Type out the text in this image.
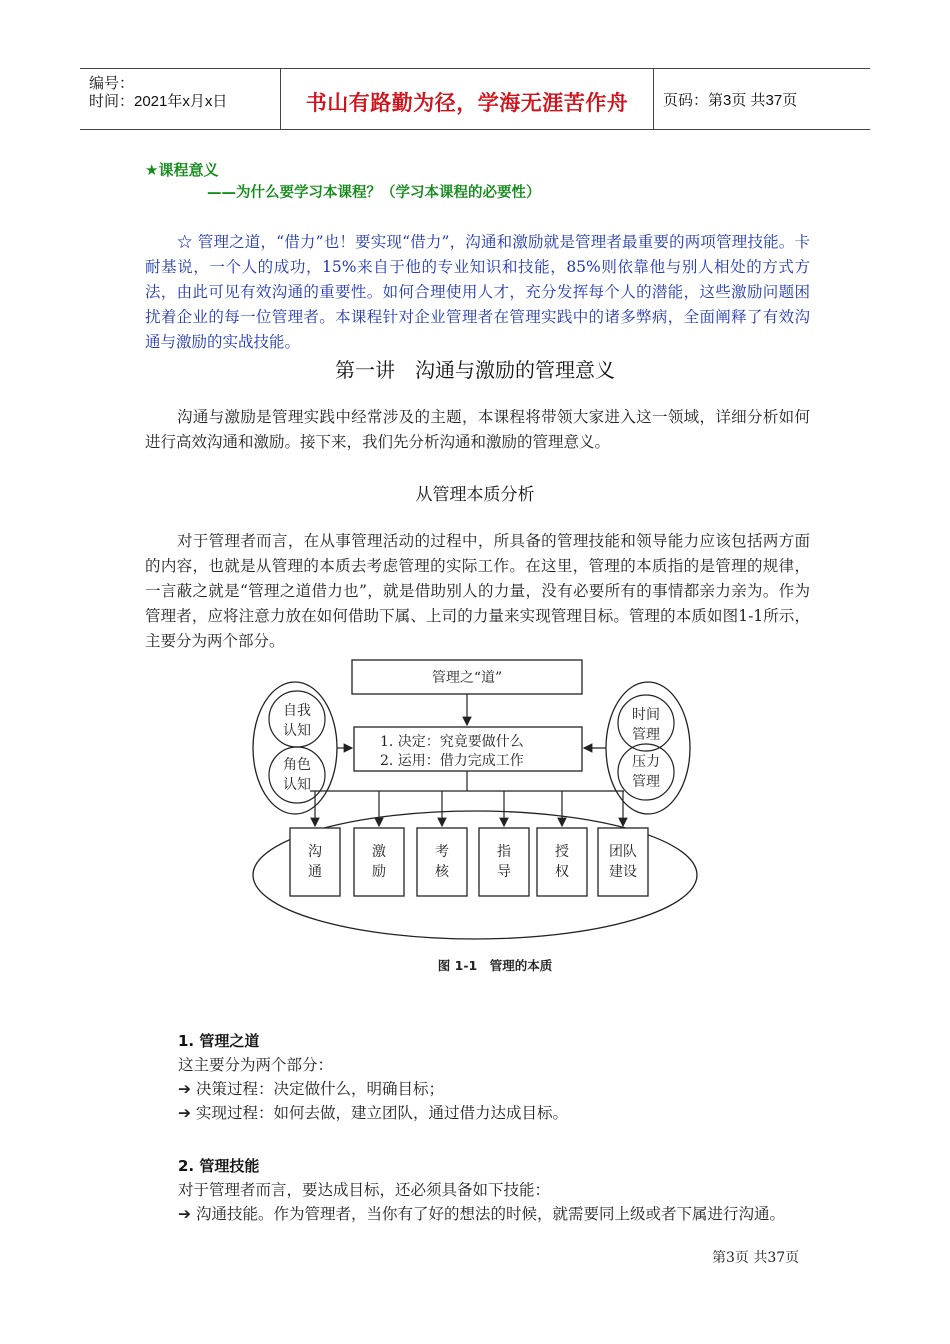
编号：
时间：2021年x月x日	书山有路勤为径，学海无涯苦作舟	页码：第3页 共37页
★课程意义
——为什么要学习本课程？（学习本课程的必要性）

☆ 管理之道，“借力”也！要实现“借力”，沟通和激励就是管理者最重要的两项管理技能。卡耐基说，一个人的成功，15%来自于他的专业知识和技能，85%则依靠他与别人相处的方式方法，由此可见有效沟通的重要性。如何合理使用人才，充分发挥每个人的潜能，这些激励问题困扰着企业的每一位管理者。本课程针对企业管理者在管理实践中的诸多弊病，全面阐释了有效沟通与激励的实战技能。

第一讲　沟通与激励的管理意义

沟通与激励是管理实践中经常涉及的主题，本课程将带领大家进入这一领域，详细分析如何进行高效沟通和激励。接下来，我们先分析沟通和激励的管理意义。

从管理本质分析

对于管理者而言，在从事管理活动的过程中，所具备的管理技能和领导能力应该包括两方面的内容，也就是从管理的本质去考虑管理的实际工作。在这里，管理的本质指的是管理的规律，一言蔽之就是“管理之道借力也”，就是借助别人的力量，没有必要所有的事情都亲力亲为。作为管理者，应将注意力放在如何借助下属、上司的力量来实现管理目标。管理的本质如图1-1所示，主要分为两个部分。

管理之“道”
1. 决定：究竟要做什么
2. 运用：借力完成工作
自我
认知
角色
认知
时间
管理
压力
管理
沟
通
激
励
考
核
指
导
授
权
团队
建设
图 1-1　管理的本质
1. 管理之道
这主要分为两个部分：
➔ 决策过程：决定做什么，明确目标；
➔ 实现过程：如何去做，建立团队，通过借力达成目标。
2. 管理技能
对于管理者而言，要达成目标，还必须具备如下技能：
➔ 沟通技能。作为管理者，当你有了好的想法的时候，就需要同上级或者下属进行沟通。
第3页 共37页
